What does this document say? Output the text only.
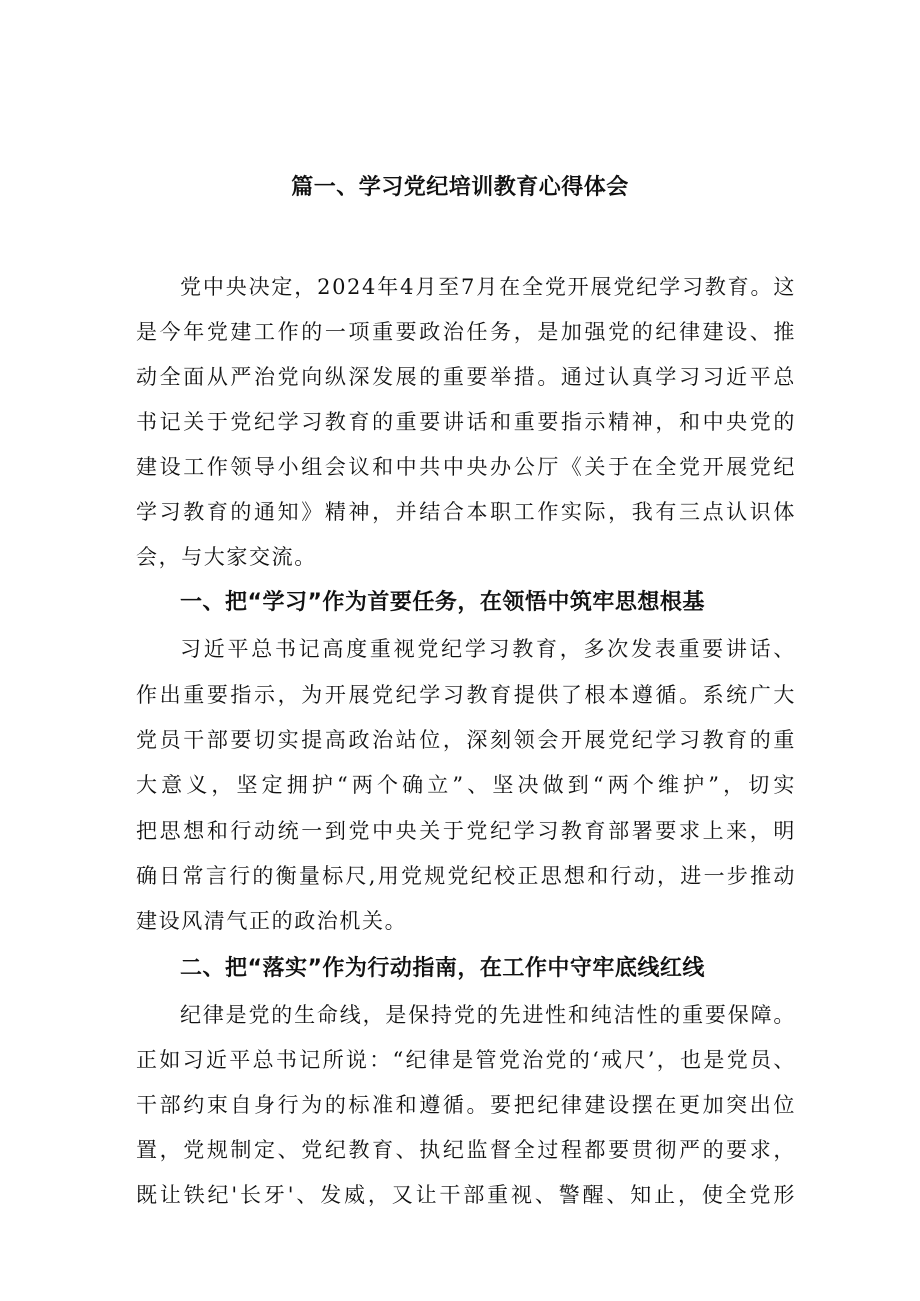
篇一、学习党纪培训教育心得体会
党中央决定，2024年4月至7月在全党开展党纪学习教育。这
是今年党建工作的一项重要政治任务，是加强党的纪律建设、推
动全面从严治党向纵深发展的重要举措。通过认真学习习近平总
书记关于党纪学习教育的重要讲话和重要指示精神，和中央党的
建设工作领导小组会议和中共中央办公厅《关于在全党开展党纪
学习教育的通知》精神，并结合本职工作实际，我有三点认识体
会，与大家交流。
一、把“学习”作为首要任务，在领悟中筑牢思想根基
习近平总书记高度重视党纪学习教育，多次发表重要讲话、
作出重要指示，为开展党纪学习教育提供了根本遵循。系统广大
党员干部要切实提高政治站位，深刻领会开展党纪学习教育的重
大意义，坚定拥护“两个确立”、坚决做到“两个维护”，切实
把思想和行动统一到党中央关于党纪学习教育部署要求上来，明
确日常言行的衡量标尺,用党规党纪校正思想和行动，进一步推动
建设风清气正的政治机关。
二、把“落实”作为行动指南，在工作中守牢底线红线
纪律是党的生命线，是保持党的先进性和纯洁性的重要保障。
正如习近平总书记所说：“纪律是管党治党的‘戒尺’，也是党员、
干部约束自身行为的标准和遵循。要把纪律建设摆在更加突出位
置，党规制定、党纪教育、执纪监督全过程都要贯彻严的要求，
既让铁纪'长牙'、发威，又让干部重视、警醒、知止，使全党形
